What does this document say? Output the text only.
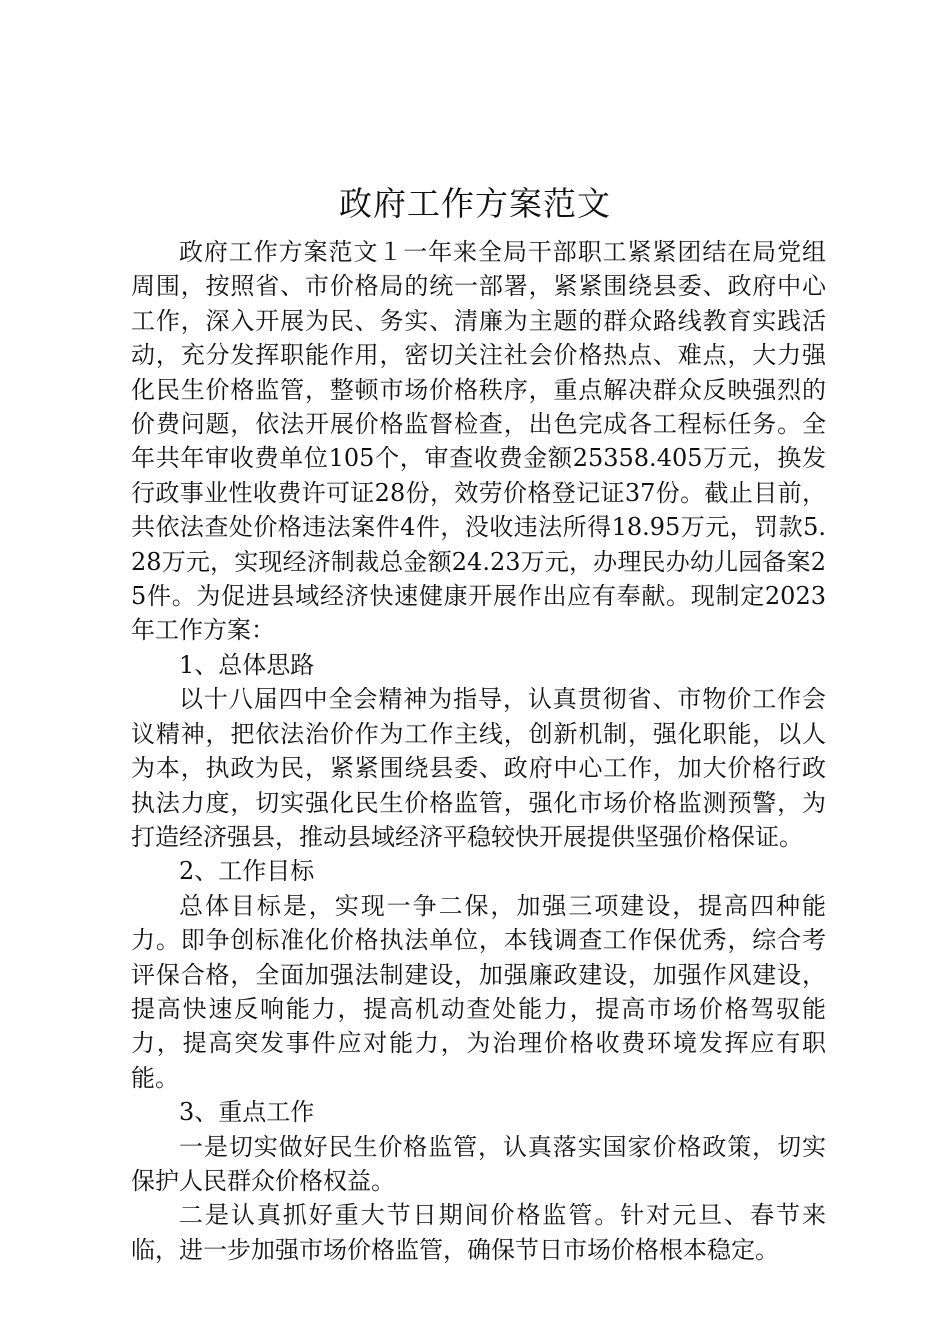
政府工作方案范文

政府工作方案范文１一年来全局干部职工紧紧团结在局党组周围，按照省、市价格局的统一部署，紧紧围绕县委、政府中心工作，深入开展为民、务实、清廉为主题的群众路线教育实践活动，充分发挥职能作用，密切关注社会价格热点、难点，大力强化民生价格监管，整顿市场价格秩序，重点解决群众反映强烈的价费问题，依法开展价格监督检查，出色完成各工程标任务。全年共年审收费单位105个，审查收费金额25358.405万元，换发行政事业性收费许可证28份，效劳价格登记证37份。截止目前，共依法查处价格违法案件4件，没收违法所得18.95万元，罚款5.28万元，实现经济制裁总金额24.23万元，办理民办幼儿园备案25件。为促进县域经济快速健康开展作出应有奉献。现制定2023年工作方案：

1、总体思路

以十八届四中全会精神为指导，认真贯彻省、市物价工作会议精神，把依法治价作为工作主线，创新机制，强化职能，以人为本，执政为民，紧紧围绕县委、政府中心工作，加大价格行政执法力度，切实强化民生价格监管，强化市场价格监测预警，为打造经济强县，推动县域经济平稳较快开展提供坚强价格保证。

2、工作目标

总体目标是，实现一争二保，加强三项建设，提高四种能力。即争创标准化价格执法单位，本钱调查工作保优秀，综合考评保合格，全面加强法制建设，加强廉政建设，加强作风建设，提高快速反响能力，提高机动查处能力，提高市场价格驾驭能力，提高突发事件应对能力，为治理价格收费环境发挥应有职能。

3、重点工作

一是切实做好民生价格监管，认真落实国家价格政策，切实保护人民群众价格权益。

二是认真抓好重大节日期间价格监管。针对元旦、春节来临，进一步加强市场价格监管，确保节日市场价格根本稳定。
